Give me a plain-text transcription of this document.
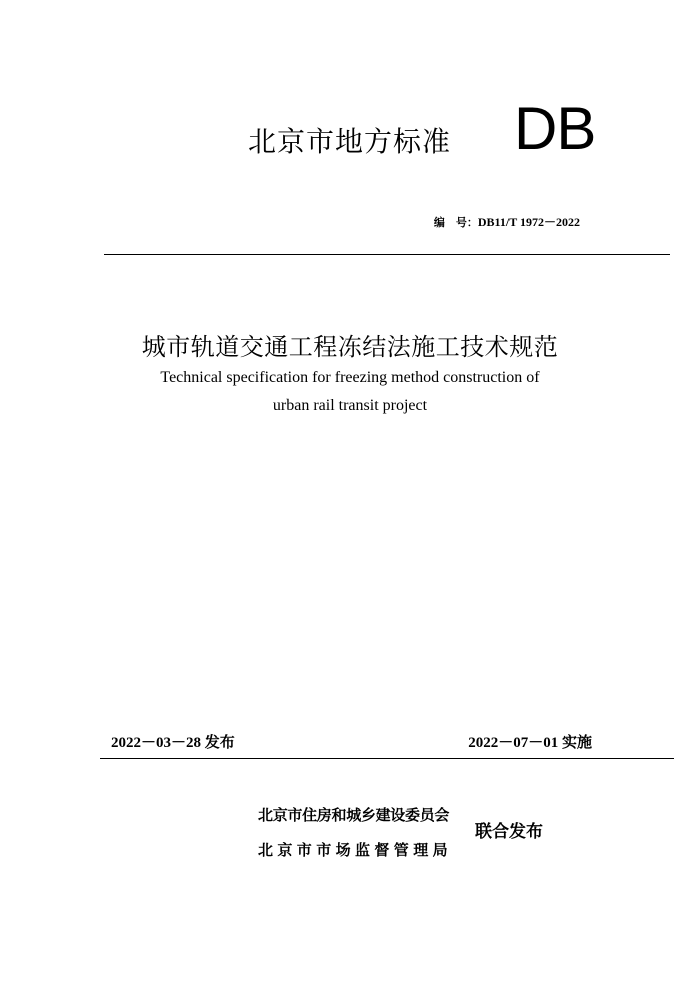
北京市地方标准 DB
编　号：DB11/T 1972－2022
城市轨道交通工程冻结法施工技术规范
Technical specification for freezing method construction of
urban rail transit project
2022－03－28 发布	2022－07－01 实施
北京市住房和城乡建设委员会
北京市市场监督管理局
联合发布
